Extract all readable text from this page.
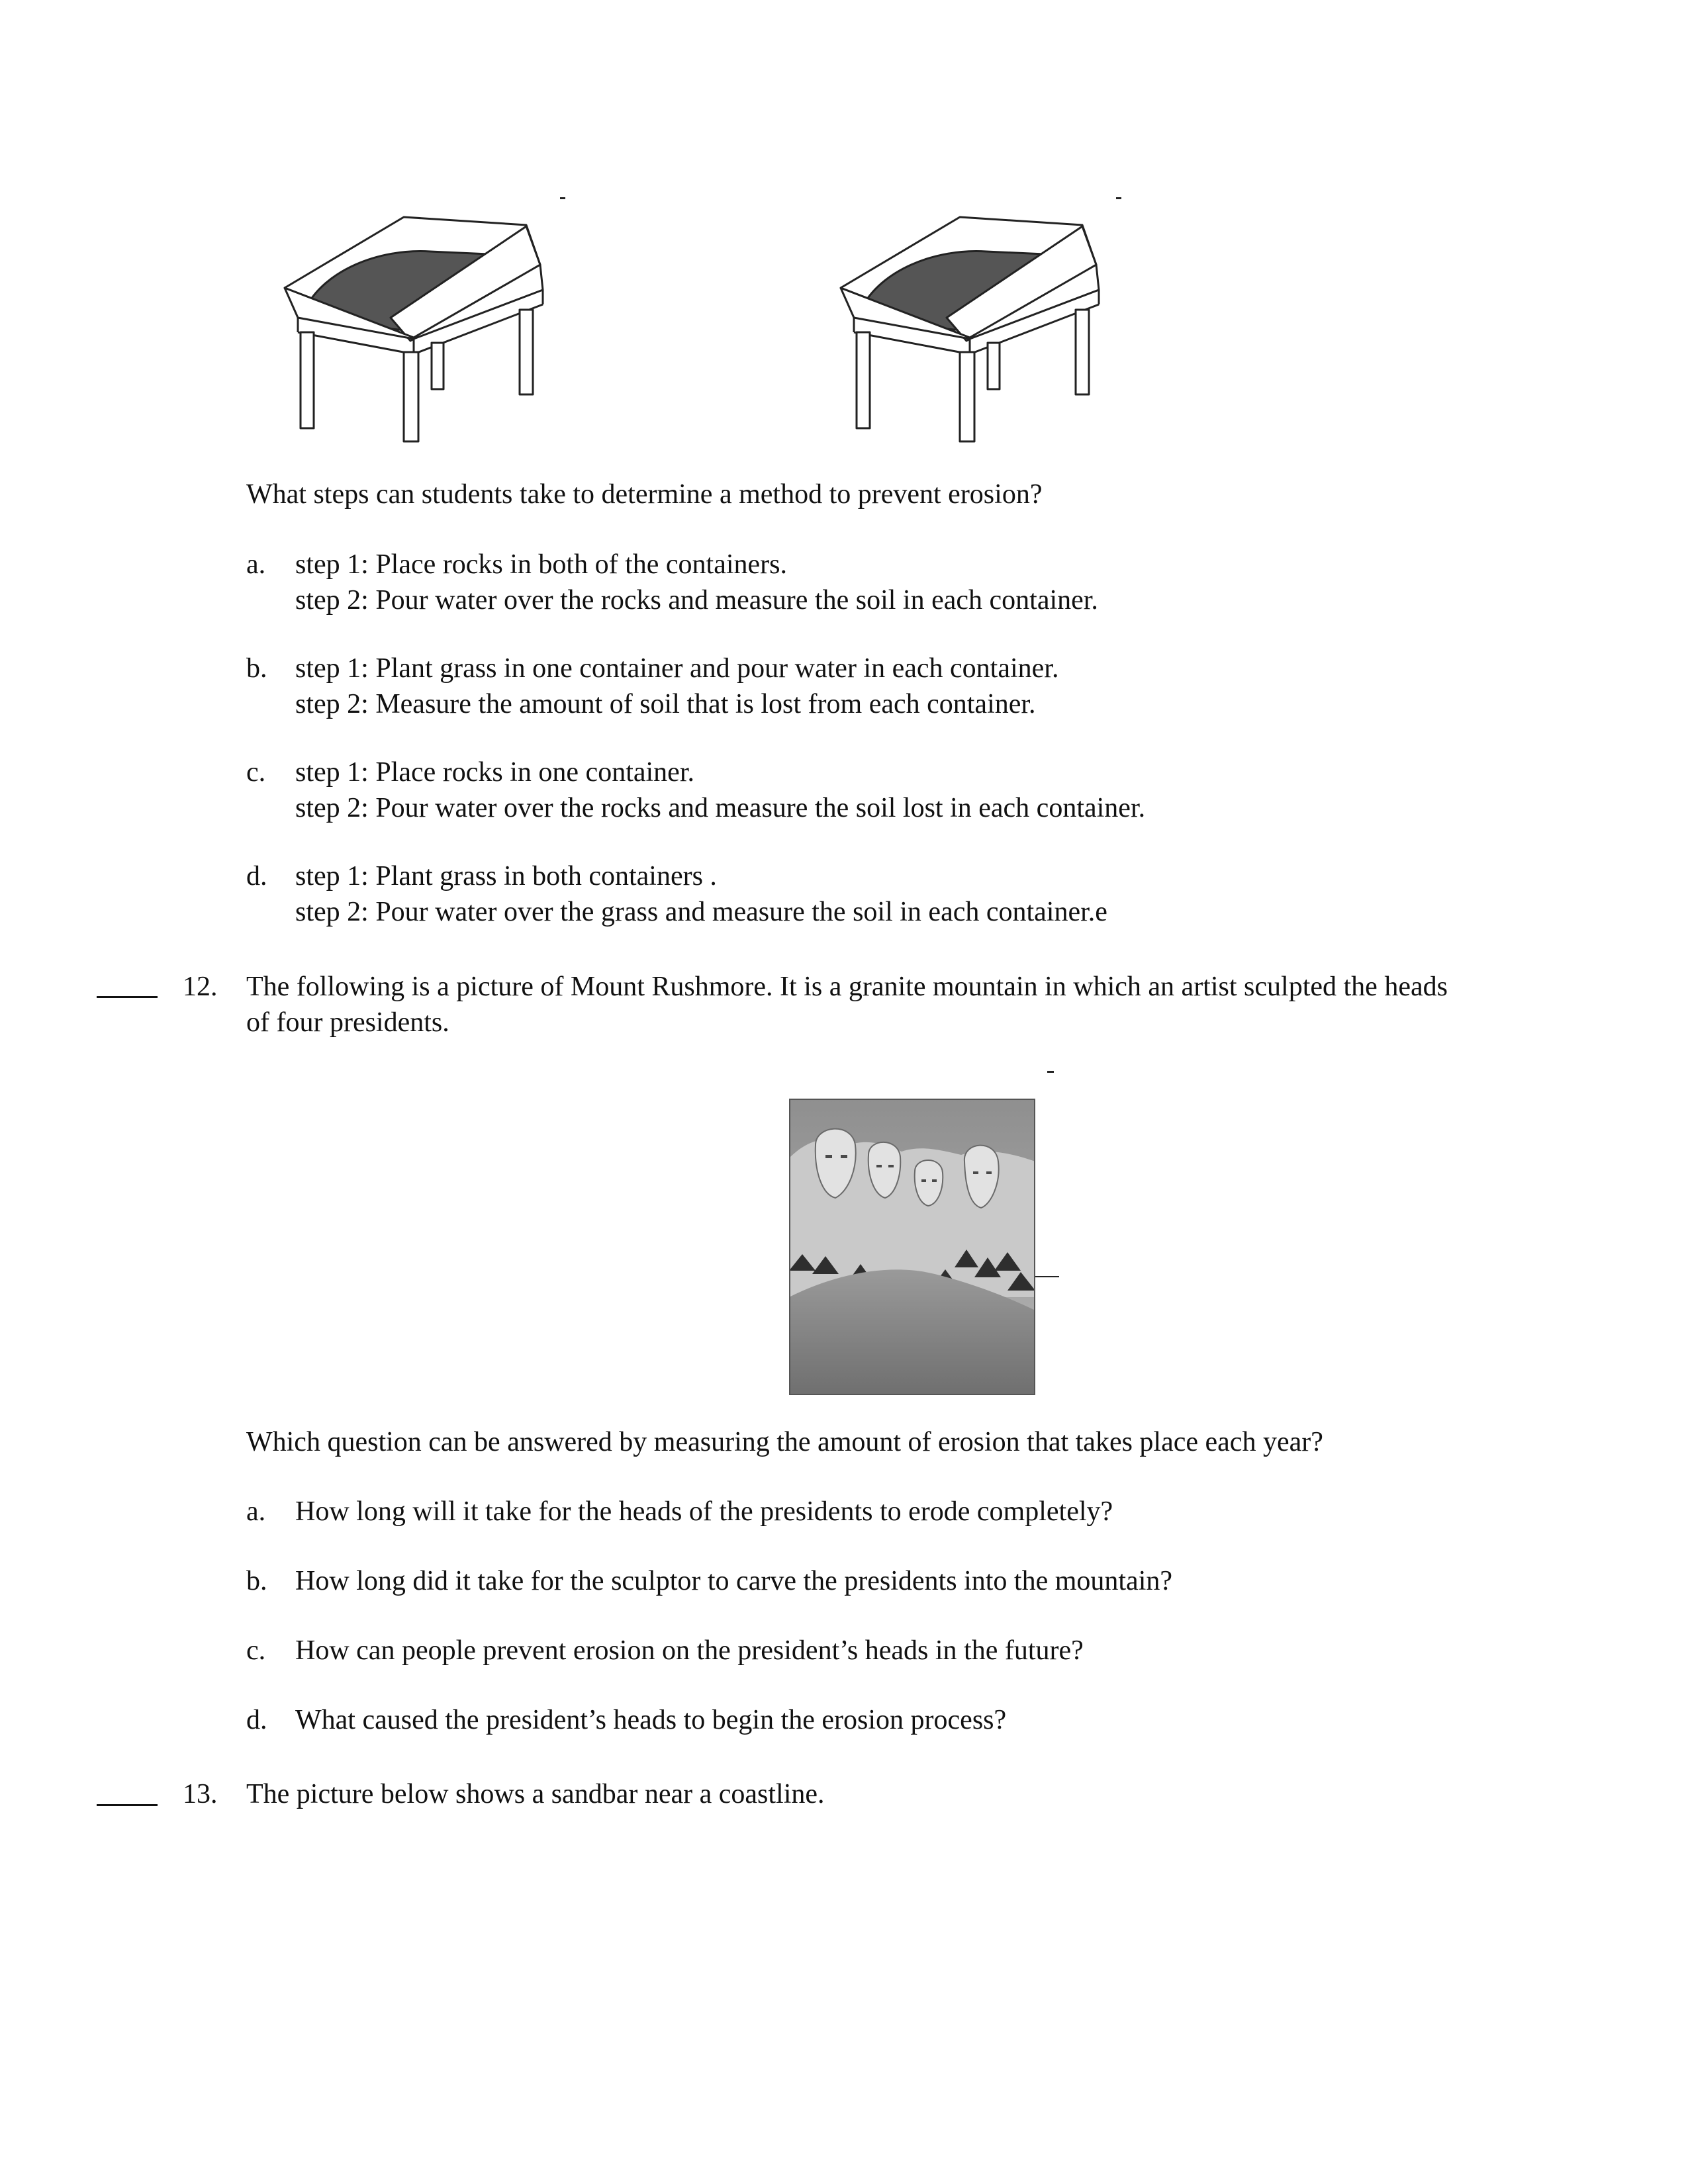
What steps can students take to determine a method to prevent erosion?
a. step 1: Place rocks in both of the containers.
step 2: Pour water over the rocks and measure the soil in each container.
b. step 1: Plant grass in one container and pour water in each container.
step 2: Measure the amount of soil that is lost from each container.
c. step 1: Place rocks in one container.
step 2: Pour water over the rocks and measure the soil lost in each container.
d. step 1: Plant grass in both containers .
step 2: Pour water over the grass and measure the soil in each container.e
12. The following is a picture of Mount Rushmore. It is a granite mountain in which an artist sculpted the heads
of four presidents.
Which question can be answered by measuring the amount of erosion that takes place each year?
a. How long will it take for the heads of the presidents to erode completely?
b. How long did it take for the sculptor to carve the presidents into the mountain?
c. How can people prevent erosion on the president’s heads in the future?
d. What caused the president’s heads to begin the erosion process?
13. The picture below shows a sandbar near a coastline.
